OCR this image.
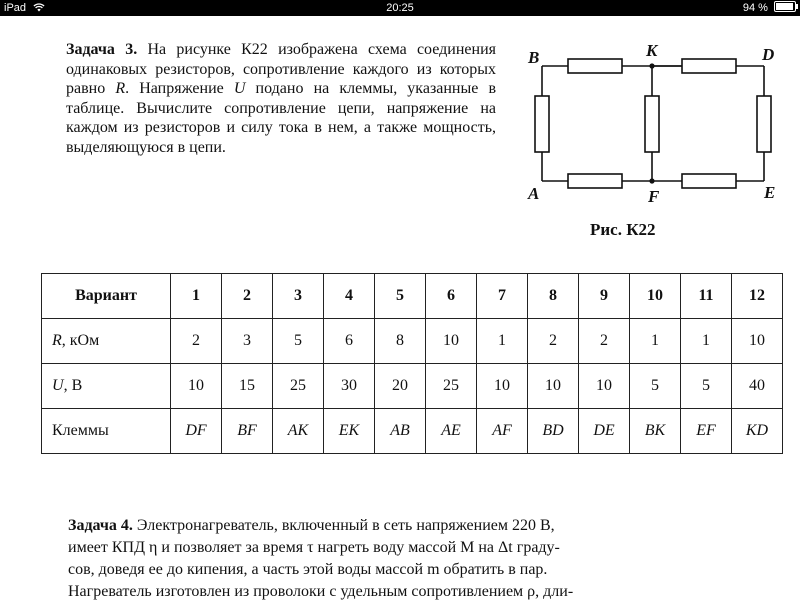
iPad	20:25	94 %

Задача 3. На рисунке К22 изображена схема соединения одинаковых резисторов, сопротивление каждого из которых равно R. Напряжение U подано на клеммы, указанные в таблице. Вычислите сопротивление цепи, напряжение на каждом из резисторов и силу тока в нем, а также мощность, выделяющуюся в цепи.

B	K	D
A	F	E
Рис. К22
Вариант	1	2	3	4	5	6	7	8	9	10	11	12
R, кОм	2	3	5	6	8	10	1	2	2	1	1	10
U, В	10	15	25	30	20	25	10	10	10	5	5	40
Клеммы	DF	BF	AK	EK	AB	AE	AF	BD	DE	BK	EF	KD

Задача 4. Электронагреватель, включенный в сеть напряжением 220 В,

имеет КПД η и позволяет за время τ нагреть воду массой M на Δt граду-

сов, доведя ее до кипения, а часть этой воды массой m обратить в пар.

Нагреватель изготовлен из проволоки с удельным сопротивлением ρ, дли-
